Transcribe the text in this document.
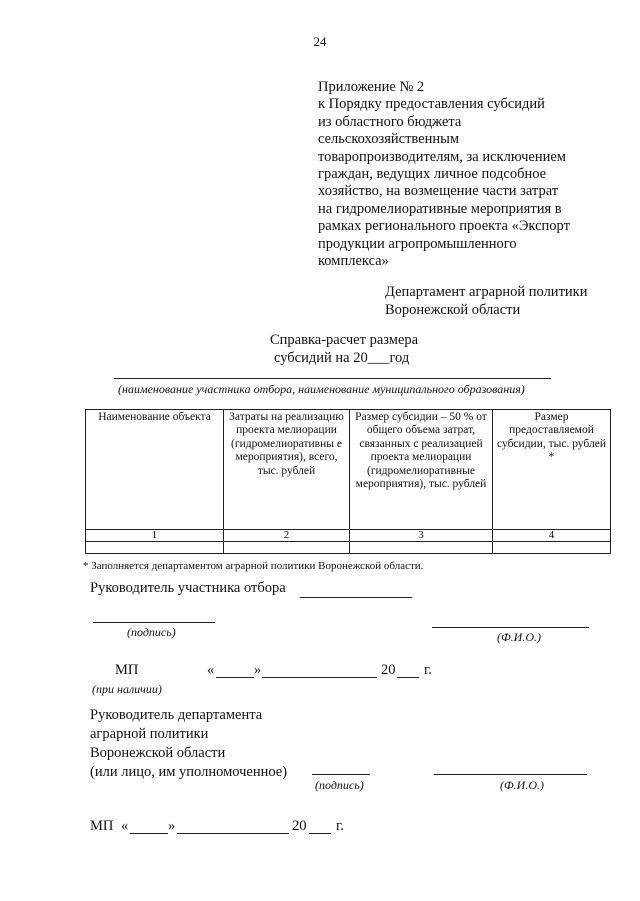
24
Приложение № 2
к Порядку предоставления субсидий
из областного бюджета
сельскохозяйственным
товаропроизводителям, за исключением
граждан, ведущих личное подсобное
хозяйство, на возмещение части затрат
на гидромелиоративные мероприятия в
рамках регионального проекта «Экспорт
продукции агропромышленного
комплекса»
Департамент аграрной политики
Воронежской области
Справка-расчет размера
субсидий на 20___год
(наименование участника отбора, наименование муниципального образования)
Наименование объекта	Затраты на реализацию проекта мелиорации (гидромелиоративны е мероприятия), всего, тыс. рублей	Размер субсидии – 50 % от общего объема затрат, связанных с реализацией проекта мелиорации (гидромелиоративные мероприятия), тыс. рублей	Размер предоставляемой субсидии, тыс. рублей *
1	2	3	4

* Заполняется департаментом аграрной политики Воронежской области.
Руководитель участника отбора
(подпись)	(Ф.И.О.)
МП
(при наличии)
«	»	20 г.
Руководитель департамента
аграрной политики
Воронежской области
(или лицо, им уполномоченное)
(подпись)	(Ф.И.О.)
МП «	»	20 г.
